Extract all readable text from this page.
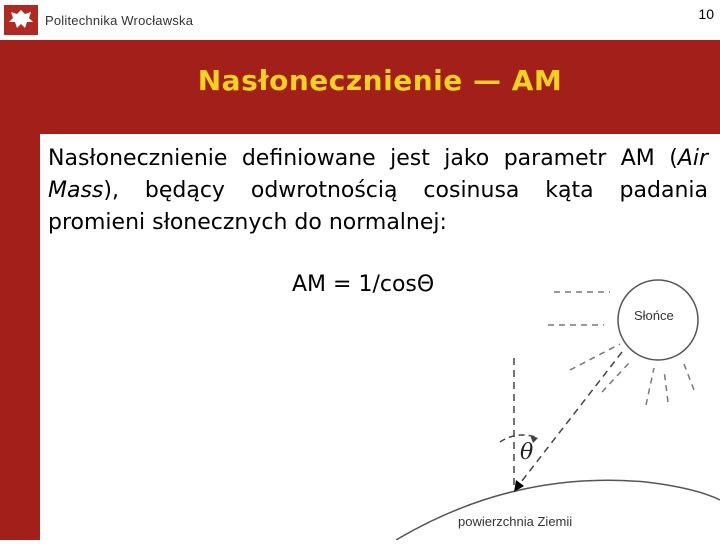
Politechnika Wrocławska	10
Nasłonecznienie — AM
Nasłonecznienie definiowane jest jako parametr AM (Air Mass), będący odwrotnością cosinusa kąta padania promieni słonecznych do normalnej:
AM = 1/cosΘ
Słońce
θ
powierzchnia Ziemii
